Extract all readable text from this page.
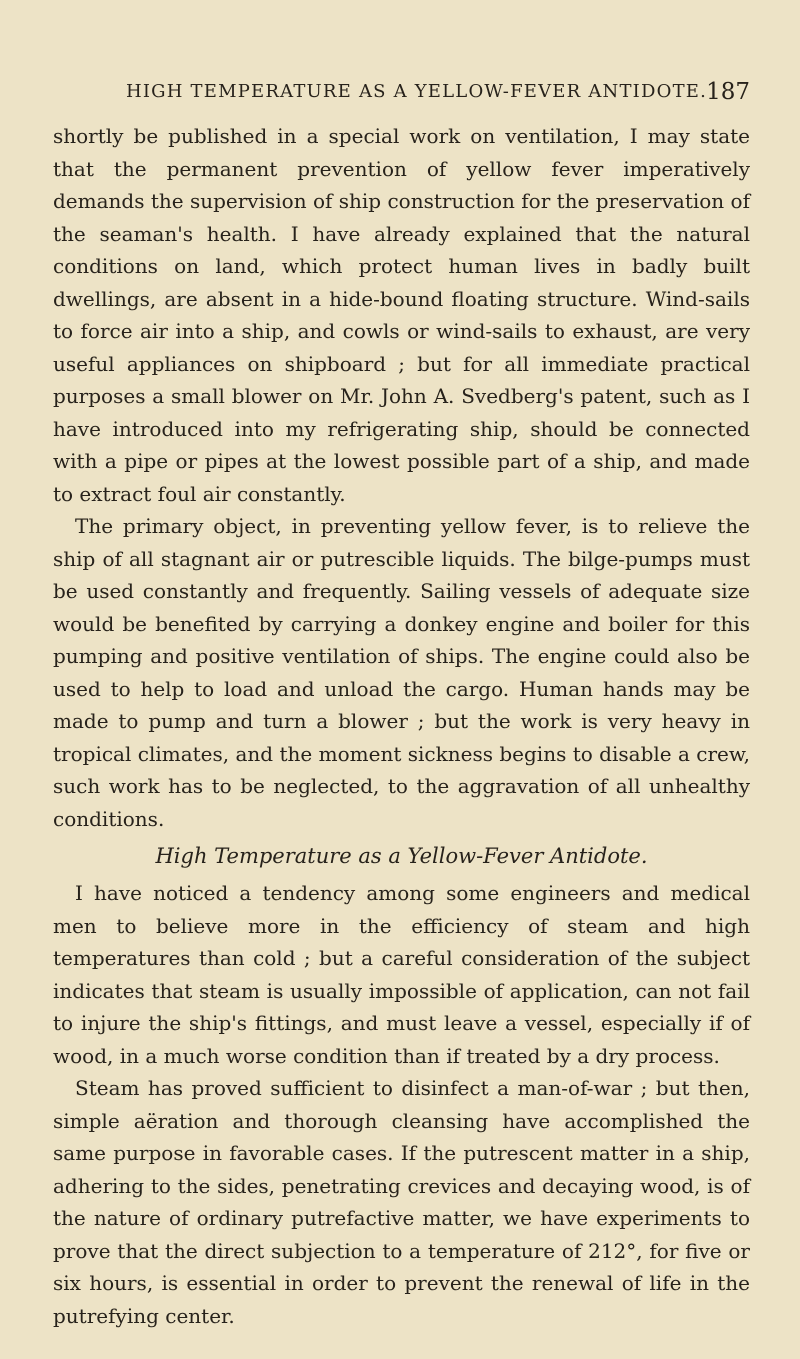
HIGH TEMPERATURE AS A YELLOW-FEVER ANTIDOTE. 187

shortly be published in a special work on ventilation, I may state that the permanent prevention of yellow fever imperatively demands the supervision of ship construction for the preservation of the seaman's health. I have already explained that the natural conditions on land, which protect human lives in badly built dwellings, are absent in a hide-bound floating structure. Wind-sails to force air into a ship, and cowls or wind-sails to exhaust, are very useful appliances on shipboard ; but for all immediate practical purposes a small blower on Mr. John A. Svedberg's patent, such as I have introduced into my refrigerating ship, should be connected with a pipe or pipes at the lowest possible part of a ship, and made to extract foul air constantly.

The primary object, in preventing yellow fever, is to relieve the ship of all stagnant air or putrescible liquids. The bilge-pumps must be used constantly and frequently. Sailing vessels of adequate size would be benefited by carrying a donkey engine and boiler for this pumping and positive ventilation of ships. The engine could also be used to help to load and unload the cargo. Human hands may be made to pump and turn a blower ; but the work is very heavy in tropical climates, and the moment sickness begins to disable a crew, such work has to be neglected, to the aggravation of all unhealthy conditions.

High Temperature as a Yellow-Fever Antidote.

I have noticed a tendency among some engineers and medical men to believe more in the efficiency of steam and high temperatures than cold ; but a careful consideration of the subject indicates that steam is usually impossible of application, can not fail to injure the ship's fittings, and must leave a vessel, especially if of wood, in a much worse condition than if treated by a dry process.

Steam has proved sufficient to disinfect a man-of-war ; but then, simple aëration and thorough cleansing have accomplished the same purpose in favorable cases. If the putrescent matter in a ship, adhering to the sides, penetrating crevices and decaying wood, is of the nature of ordinary putrefactive matter, we have experiments to prove that the direct subjection to a temperature of 212°, for five or six hours, is essential in order to prevent the renewal of life in the putrefying center.
